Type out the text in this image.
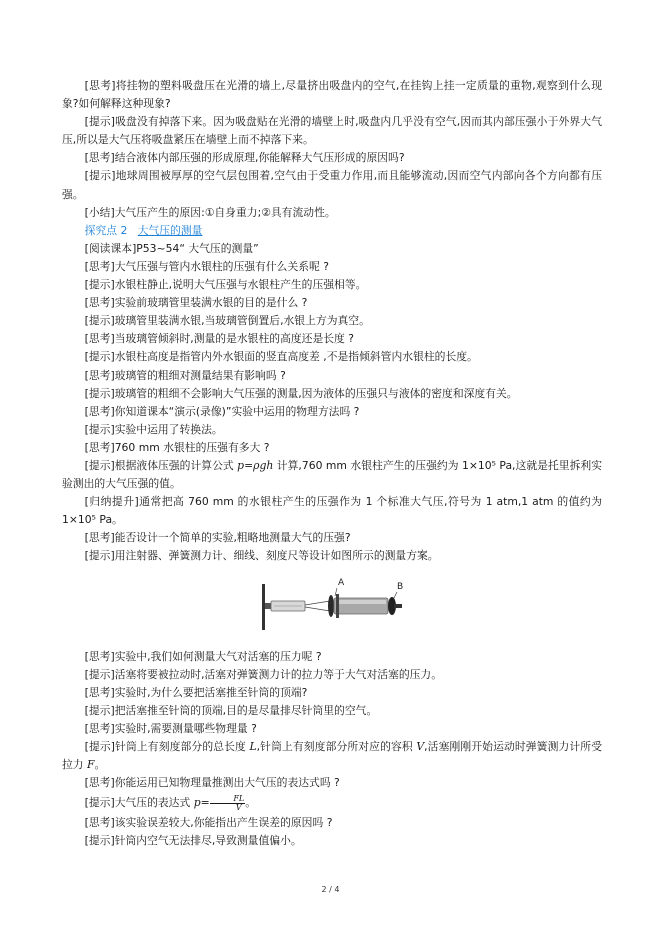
[思考]将挂物的塑料吸盘压在光滑的墙上,尽量挤出吸盘内的空气,在挂钩上挂一定质量的重物,观察到什么现象?如何解释这种现象?

[提示]吸盘没有掉落下来。因为吸盘贴在光滑的墙壁上时,吸盘内几乎没有空气,因而其内部压强小于外界大气压,所以是大气压将吸盘紧压在墙壁上而不掉落下来。

[思考]结合液体内部压强的形成原理,你能解释大气压形成的原因吗?

[提示]地球周围被厚厚的空气层包围着,空气由于受重力作用,而且能够流动,因而空气内部向各个方向都有压强。

[小结]大气压产生的原因:①自身重力;②具有流动性。

探究点 2 大气压的测量

[阅读课本]P53~54“ 大气压的测量”

[思考]大气压强与管内水银柱的压强有什么关系呢 ?

[提示]水银柱静止,说明大气压强与水银柱产生的压强相等。

[思考]实验前玻璃管里装满水银的目的是什么 ?

[提示]玻璃管里装满水银,当玻璃管倒置后,水银上方为真空。

[思考]当玻璃管倾斜时,测量的是水银柱的高度还是长度 ?

[提示]水银柱高度是指管内外水银面的竖直高度差 ,不是指倾斜管内水银柱的长度。

[思考]玻璃管的粗细对测量结果有影响吗 ?

[提示]玻璃管的粗细不会影响大气压强的测量,因为液体的压强只与液体的密度和深度有关。

[思考]你知道课本“演示(录像)”实验中运用的物理方法吗 ?

[提示]实验中运用了转换法。

[思考]760 mm 水银柱的压强有多大 ?

[提示]根据液体压强的计算公式 p=ρgh 计算,760 mm 水银柱产生的压强约为 1×10⁵ Pa,这就是托里拆利实验测出的大气压强的值。

[归纳提升]通常把高 760 mm 的水银柱产生的压强作为 1 个标准大气压,符号为 1 atm,1 atm 的值约为 1×10⁵ Pa。

[思考]能否设计一个简单的实验,粗略地测量大气的压强?

[提示]用注射器、弹簧测力计、细线、刻度尺等设计如图所示的测量方案。

A	B

[思考]实验中,我们如何测量大气对活塞的压力呢 ?

[提示]活塞将要被拉动时,活塞对弹簧测力计的拉力等于大气对活塞的压力。

[思考]实验时,为什么要把活塞推至针筒的顶端?

[提示]把活塞推至针筒的顶端,目的是尽量排尽针筒里的空气。

[思考]实验时,需要测量哪些物理量 ?

[提示]针筒上有刻度部分的总长度 L,针筒上有刻度部分所对应的容积 V,活塞刚刚开始运动时弹簧测力计所受拉力 F。

[思考]你能运用已知物理量推测出大气压的表达式吗 ?

[提示]大气压的表达式 $p= \frac{FL}{V}$ 。

[思考]该实验误差较大,你能指出产生误差的原因吗 ?

[提示]针筒内空气无法排尽,导致测量值偏小。

2 / 4
